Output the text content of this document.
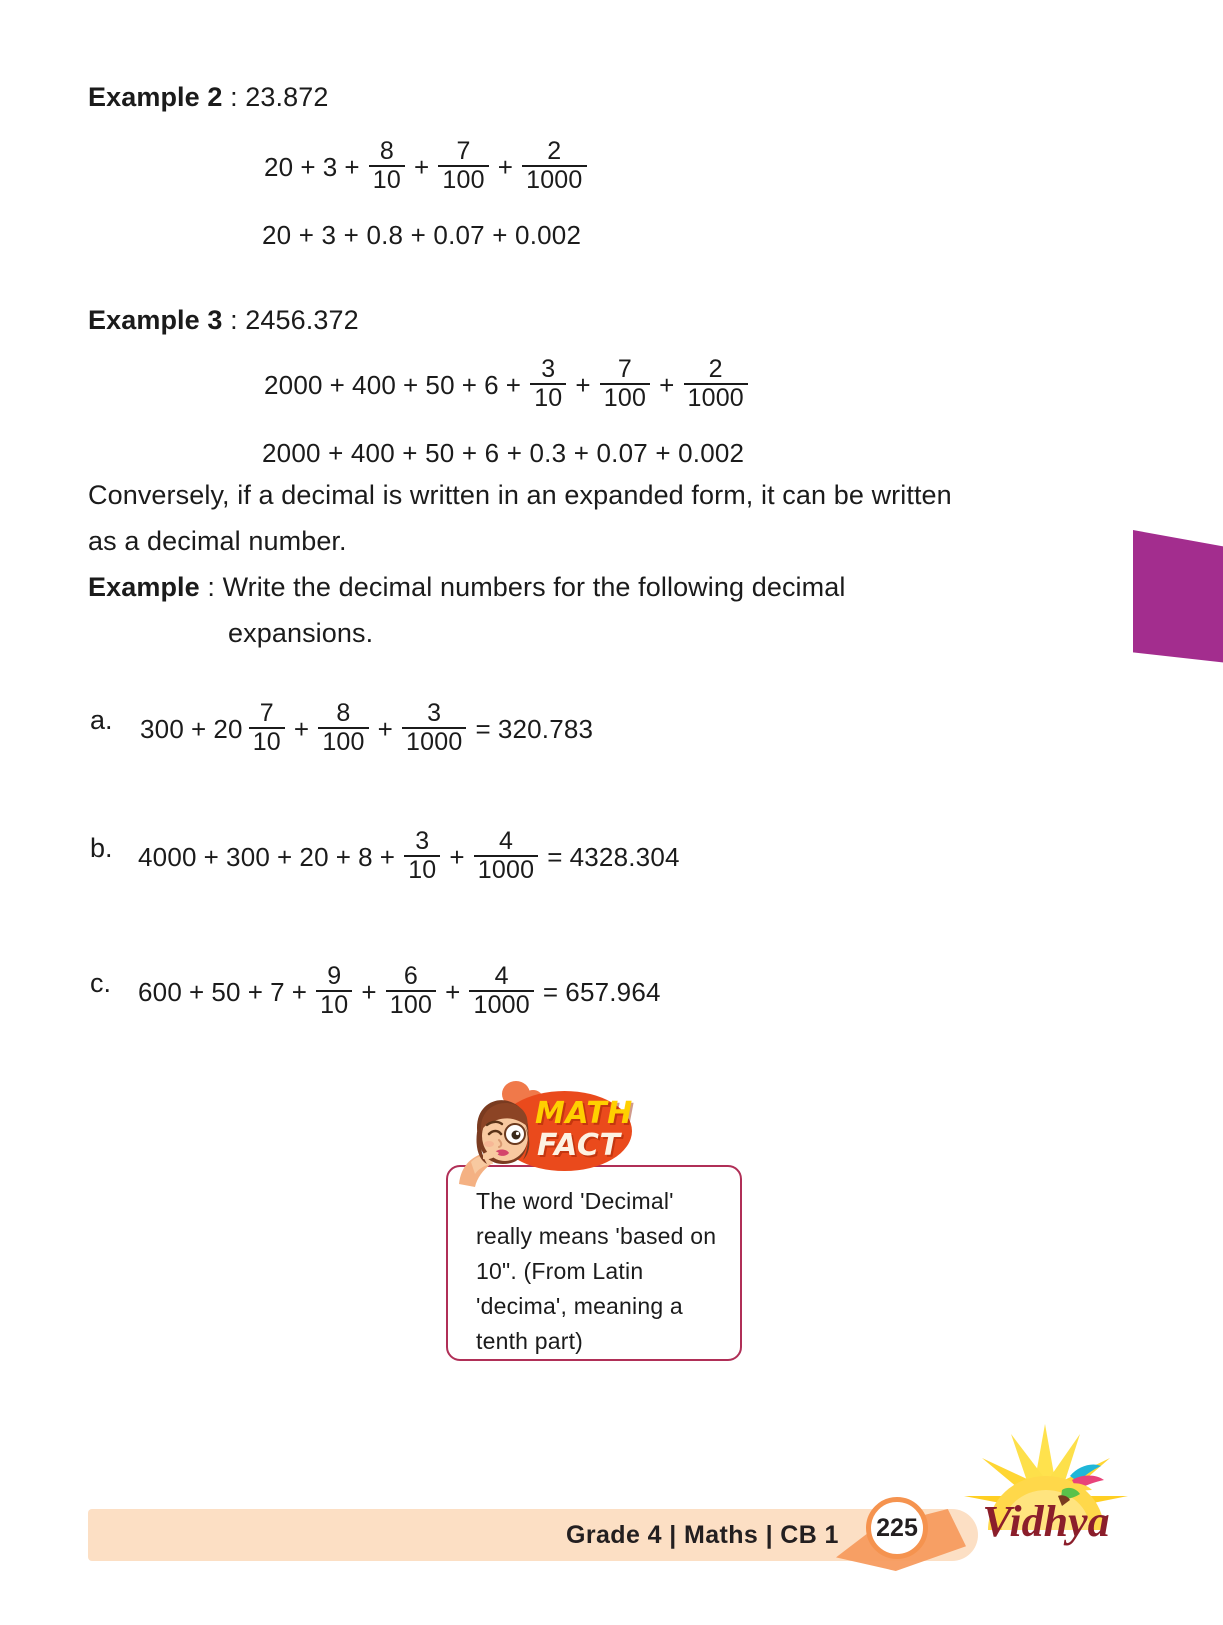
Example 2 : 23.872
$20 + 3 + \frac{8}{10} + \frac{7}{100} + \frac{2}{1000}$
20 + 3 + 0.8 + 0.07 + 0.002
Example 3 : 2456.372
$2000 + 400 + 50 + 6 + \frac{3}{10} + \frac{7}{100} + \frac{2}{1000}$
2000 + 400 + 50 + 6 + 0.3 + 0.07 + 0.002
Conversely, if a decimal is written in an expanded form, it can be written
as a decimal number.
Example : Write the decimal numbers for the following decimal
expansions.
a. $300 + 20 \frac{7}{10} + \frac{8}{100} + \frac{3}{1000} = 320.783$
b. $4000 + 300 + 20 + 8 + \frac{3}{10} + \frac{4}{1000} = 4328.304$
c. $600 + 50 + 7 + \frac{9}{10} + \frac{6}{100} + \frac{4}{1000} = 657.964$
MATH
FACT
The word 'Decimal' really means 'based on 10". (From Latin 'decima', meaning a tenth part)
Grade 4 | Maths | CB 1 225 Vidhya
